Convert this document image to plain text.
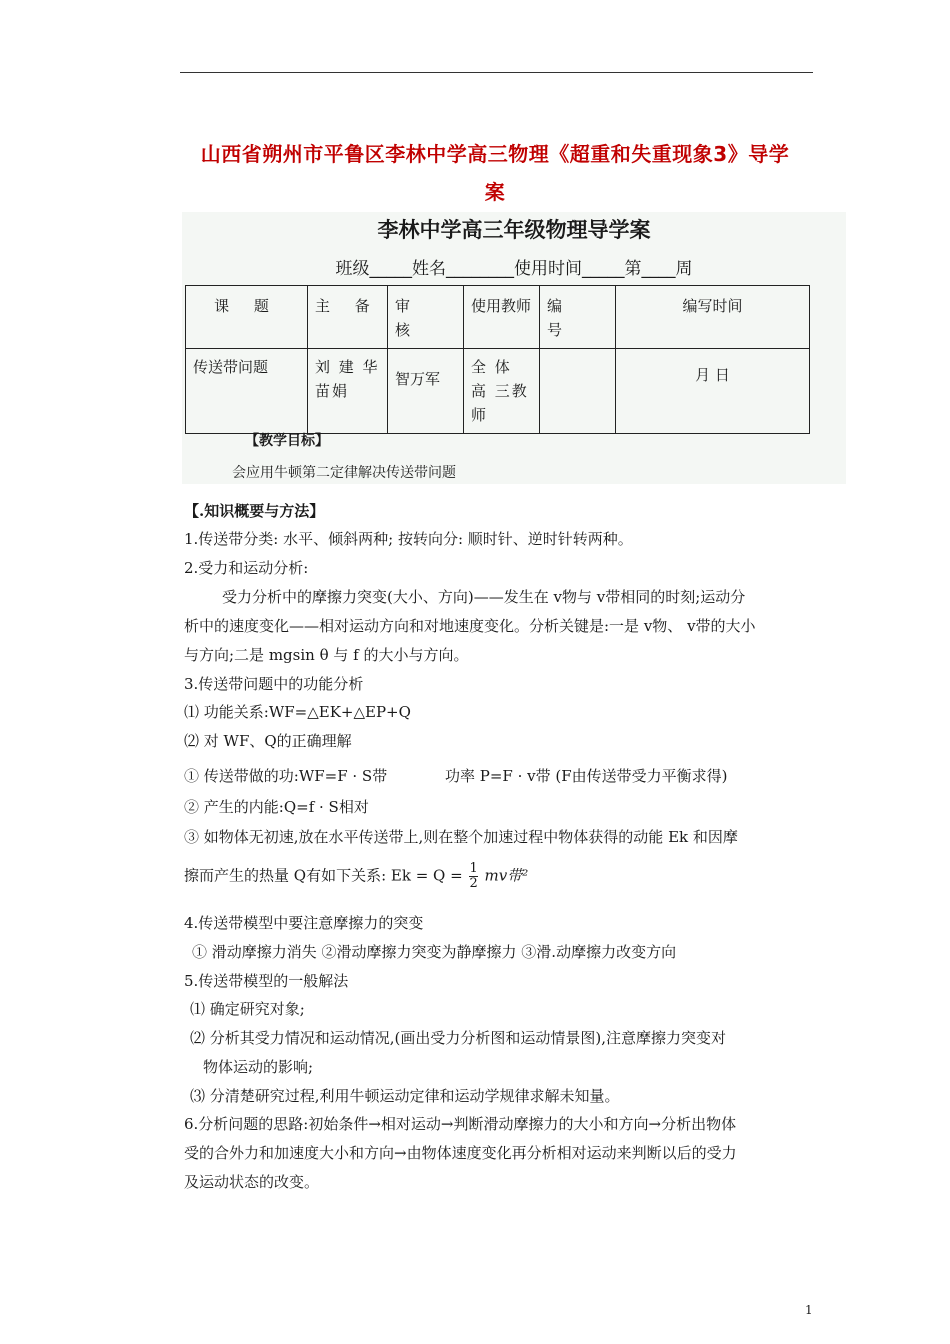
山西省朔州市平鲁区李林中学高三物理《超重和失重现象3》导学
案
李林中学高三年级物理导学案
班级_____姓名________使用时间_____第____周
课 题	主 备	审 核	使用教师	编 号	编写时间
传送带问题	刘 建 华 苗娟	智万军	全 体 高 三教师		月 日
【教学目标】
会应用牛顿第二定律解决传送带问题
【.知识概要与方法】
1.传送带分类: 水平、倾斜两种; 按转向分: 顺时针、逆时针转两种。
2.受力和运动分析:
受力分析中的摩擦力突变(大小、方向)——发生在 v物与 v带相同的时刻;运动分
析中的速度变化——相对运动方向和对地速度变化。分析关键是:一是 v物、 v带的大小
与方向;二是 mgsin θ 与 f 的大小与方向。
3.传送带问题中的功能分析
⑴ 功能关系:WF=△EK+△EP+Q
⑵ 对 WF、Q的正确理解
① 传送带做的功:WF=F · S带	功率 P=F · v带 (F由传送带受力平衡求得)
② 产生的内能:Q=f · S相对
③ 如物体无初速,放在水平传送带上,则在整个加速过程中物体获得的动能 Ek 和因摩
擦而产生的热量 Q有如下关系: $Ek = Q = \frac{1}{2}$ mv带²
4.传送带模型中要注意摩擦力的突变
① 滑动摩擦力消失 ②滑动摩擦力突变为静摩擦力 ③滑.动摩擦力改变方向
5.传送带模型的一般解法
⑴ 确定研究对象;
⑵ 分析其受力情况和运动情况,(画出受力分析图和运动情景图),注意摩擦力突变对
物体运动的影响;
⑶ 分清楚研究过程,利用牛顿运动定律和运动学规律求解未知量。
6.分析问题的思路:初始条件→相对运动→判断滑动摩擦力的大小和方向→分析出物体
受的合外力和加速度大小和方向→由物体速度变化再分析相对运动来判断以后的受力
及运动状态的改变。
1
